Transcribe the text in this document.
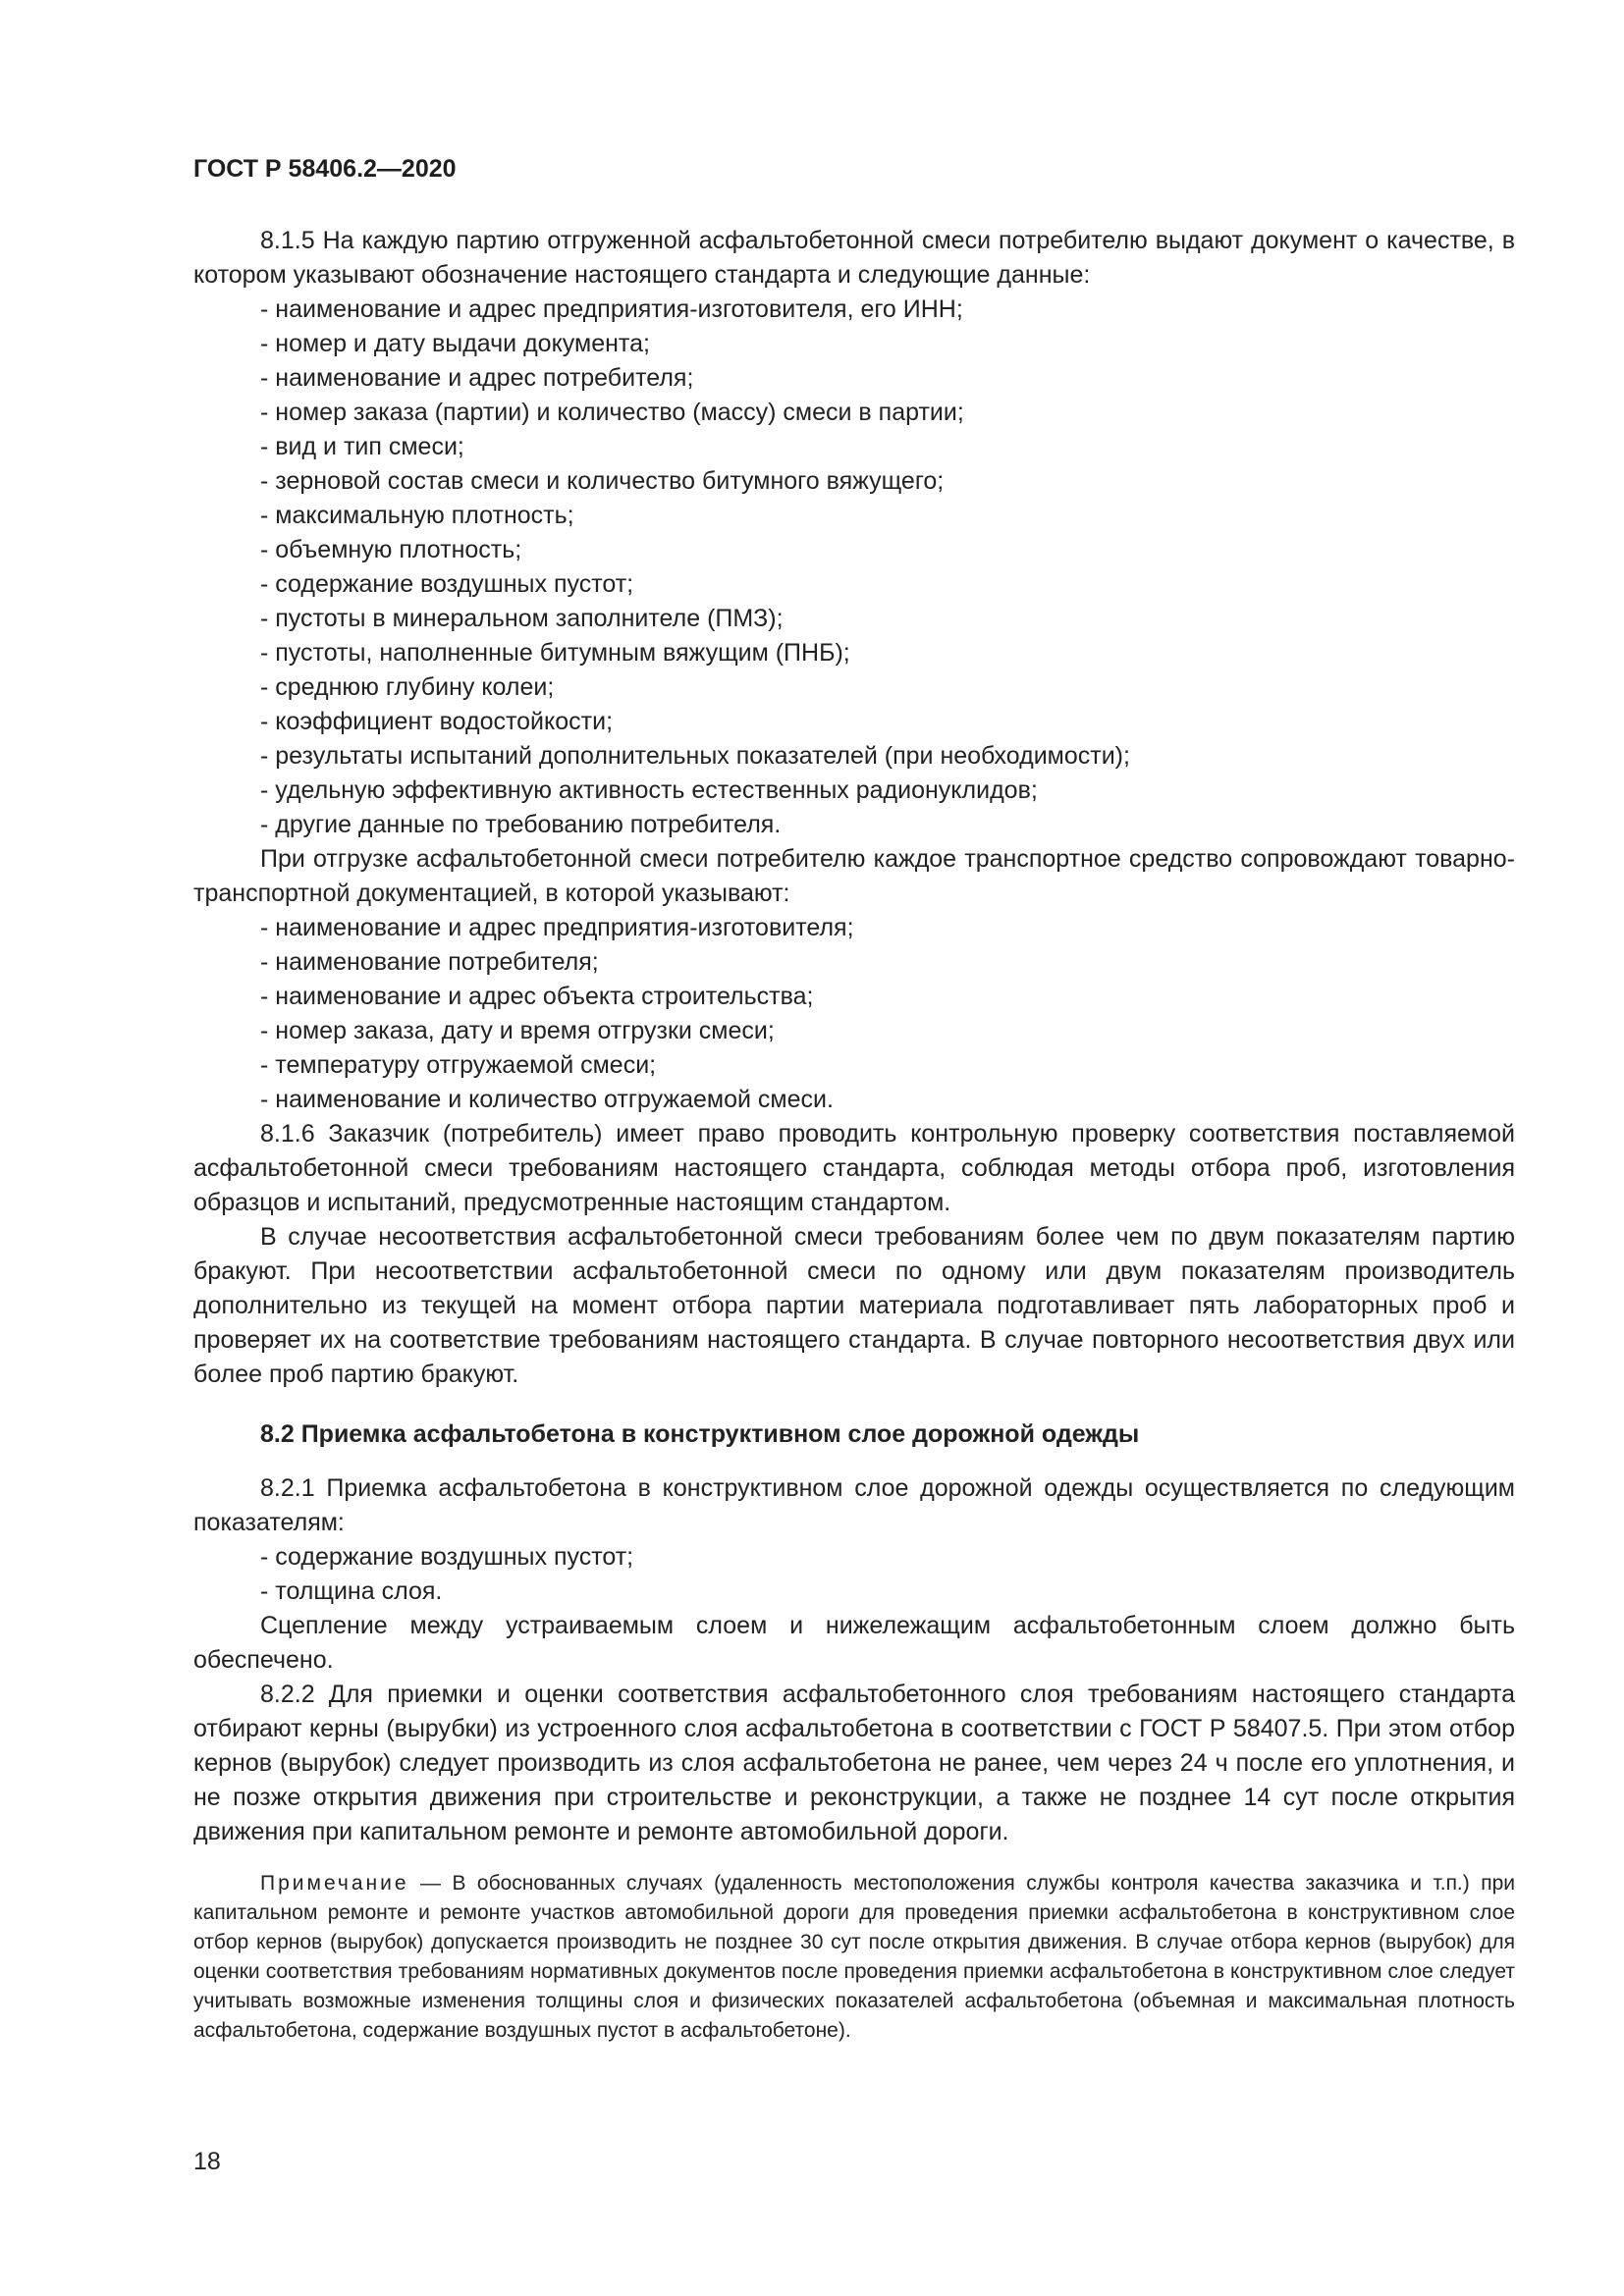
ГОСТ Р 58406.2—2020

8.1.5 На каждую партию отгруженной асфальтобетонной смеси потребителю выдают документ о качестве, в котором указывают обозначение настоящего стандарта и следующие данные:

- наименование и адрес предприятия-изготовителя, его ИНН;
- номер и дату выдачи документа;
- наименование и адрес потребителя;
- номер заказа (партии) и количество (массу) смеси в партии;
- вид и тип смеси;
- зерновой состав смеси и количество битумного вяжущего;
- максимальную плотность;
- объемную плотность;
- содержание воздушных пустот;
- пустоты в минеральном заполнителе (ПМЗ);
- пустоты, наполненные битумным вяжущим (ПНБ);
- среднюю глубину колеи;
- коэффициент водостойкости;
- результаты испытаний дополнительных показателей (при необходимости);
- удельную эффективную активность естественных радионуклидов;
- другие данные по требованию потребителя.

При отгрузке асфальтобетонной смеси потребителю каждое транспортное средство сопровождают товарно-транспортной документацией, в которой указывают:

- наименование и адрес предприятия-изготовителя;
- наименование потребителя;
- наименование и адрес объекта строительства;
- номер заказа, дату и время отгрузки смеси;
- температуру отгружаемой смеси;
- наименование и количество отгружаемой смеси.

8.1.6 Заказчик (потребитель) имеет право проводить контрольную проверку соответствия поставляемой асфальтобетонной смеси требованиям настоящего стандарта, соблюдая методы отбора проб, изготовления образцов и испытаний, предусмотренные настоящим стандартом.

В случае несоответствия асфальтобетонной смеси требованиям более чем по двум показателям партию бракуют. При несоответствии асфальтобетонной смеси по одному или двум показателям производитель дополнительно из текущей на момент отбора партии материала подготавливает пять лабораторных проб и проверяет их на соответствие требованиям настоящего стандарта. В случае повторного несоответствия двух или более проб партию бракуют.

8.2 Приемка асфальтобетона в конструктивном слое дорожной одежды

8.2.1 Приемка асфальтобетона в конструктивном слое дорожной одежды осуществляется по следующим показателям:

- содержание воздушных пустот;
- толщина слоя.

Сцепление между устраиваемым слоем и нижележащим асфальтобетонным слоем должно быть обеспечено.

8.2.2 Для приемки и оценки соответствия асфальтобетонного слоя требованиям настоящего стандарта отбирают керны (вырубки) из устроенного слоя асфальтобетона в соответствии с ГОСТ Р 58407.5. При этом отбор кернов (вырубок) следует производить из слоя асфальтобетона не ранее, чем через 24 ч после его уплотнения, и не позже открытия движения при строительстве и реконструкции, а также не позднее 14 сут после открытия движения при капитальном ремонте и ремонте автомобильной дороги.

Примечание — В обоснованных случаях (удаленность местоположения службы контроля качества заказчика и т.п.) при капитальном ремонте и ремонте участков автомобильной дороги для проведения приемки асфальтобетона в конструктивном слое отбор кернов (вырубок) допускается производить не позднее 30 сут после открытия движения. В случае отбора кернов (вырубок) для оценки соответствия требованиям нормативных документов после проведения приемки асфальтобетона в конструктивном слое следует учитывать возможные изменения толщины слоя и физических показателей асфальтобетона (объемная и максимальная плотность асфальтобетона, содержание воздушных пустот в асфальтобетоне).

18
